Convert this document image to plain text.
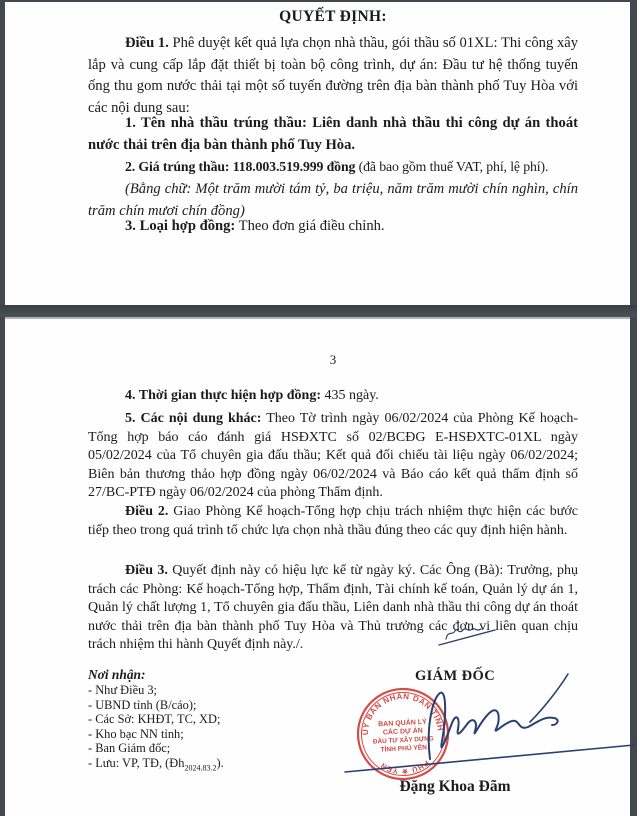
QUYẾT ĐỊNH:

Điều 1. Phê duyệt kết quả lựa chọn nhà thầu, gói thầu số 01XL: Thi công xây lắp và cung cấp lắp đặt thiết bị toàn bộ công trình, dự án: Đầu tư hệ thống tuyến ống thu gom nước thải tại một số tuyến đường trên địa bàn thành phố Tuy Hòa với các nội dung sau:

1. Tên nhà thầu trúng thầu: Liên danh nhà thầu thi công dự án thoát nước thải trên địa bàn thành phố Tuy Hòa.

2. Giá trúng thầu: 118.003.519.999 đồng (đã bao gồm thuế VAT, phí, lệ phí).

(Bằng chữ: Một trăm mười tám tỷ, ba triệu, năm trăm mười chín nghìn, chín trăm chín mươi chín đồng)

3. Loại hợp đồng: Theo đơn giá điều chỉnh.

3

4. Thời gian thực hiện hợp đồng: 435 ngày.

5. Các nội dung khác: Theo Tờ trình ngày 06/02/2024 của Phòng Kế hoạch-Tổng hợp báo cáo đánh giá HSĐXTC số 02/BCĐG E-HSĐXTC-01XL ngày 05/02/2024 của Tổ chuyên gia đấu thầu; Kết quả đối chiếu tài liệu ngày 06/02/2024; Biên bản thương thảo hợp đồng ngày 06/02/2024 và Báo cáo kết quả thẩm định số 27/BC-PTĐ ngày 06/02/2024 của phòng Thẩm định.

Điều 2. Giao Phòng Kế hoạch-Tổng hợp chịu trách nhiệm thực hiện các bước tiếp theo trong quá trình tổ chức lựa chọn nhà thầu đúng theo các quy định hiện hành.

Điều 3. Quyết định này có hiệu lực kể từ ngày ký. Các Ông (Bà): Trưởng, phụ trách các Phòng: Kế hoạch-Tổng hợp, Thẩm định, Tài chính kế toán, Quản lý dự án 1, Quản lý chất lượng 1, Tổ chuyên gia đấu thầu, Liên danh nhà thầu thi công dự án thoát nước thải trên địa bàn thành phố Tuy Hòa và Thủ trưởng các đơn vị liên quan chịu trách nhiệm thi hành Quyết định này./.

Nơi nhận:
- Như Điều 3;
- UBND tỉnh (B/cáo);
- Các Sở: KHĐT, TC, XD;
- Kho bạc NN tỉnh;
- Ban Giám đốc;
- Lưu: VP, TĐ, $(Đh_{2024.83.2})$.
GIÁM ĐỐC
ỦY BAN NHÂN DÂN TỈNH
PHÚ ★ YÊN
BAN QUẢN LÝ
CÁC DỰ ÁN
ĐẦU TƯ XÂY DỰNG
TỈNH PHÚ YÊN
Đặng Khoa Đãm
